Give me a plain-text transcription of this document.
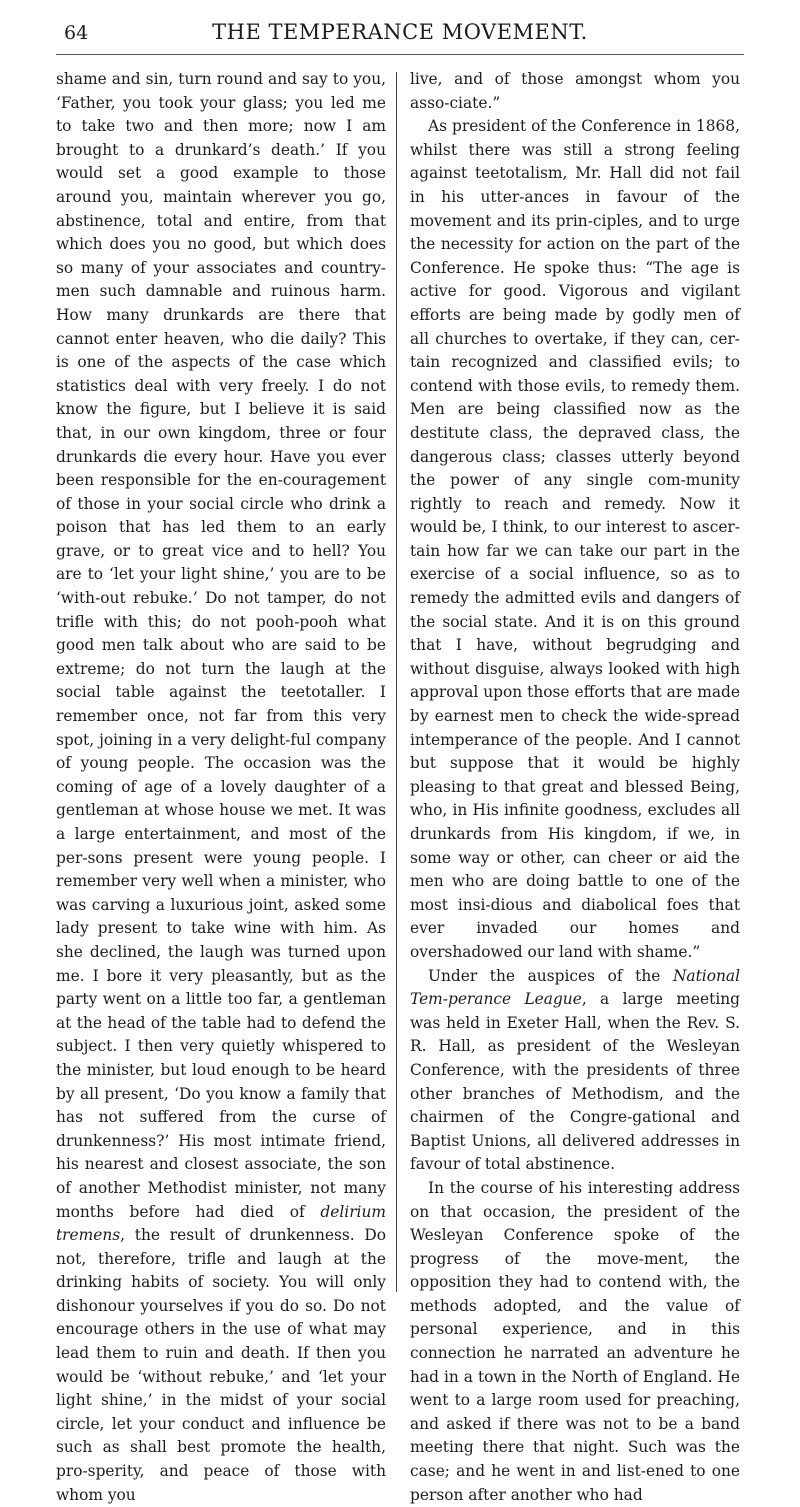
64	THE TEMPERANCE MOVEMENT.

shame and sin, turn round and say to you, ‘Father, you took your glass; you led me to take two and then more; now I am brought to a drunkard’s death.’ If you would set a good example to those around you, maintain wherever you go, abstinence, total and entire, from that which does you no good, but which does so many of your associates and country-men such damnable and ruinous harm. How many drunkards are there that cannot enter heaven, who die daily? This is one of the aspects of the case which statistics deal with very freely. I do not know the figure, but I believe it is said that, in our own kingdom, three or four drunkards die every hour. Have you ever been responsible for the en-couragement of those in your social circle who drink a poison that has led them to an early grave, or to great vice and to hell? You are to ‘let your light shine,’ you are to be ‘with-out rebuke.’ Do not tamper, do not trifle with this; do not pooh-pooh what good men talk about who are said to be extreme; do not turn the laugh at the social table against the teetotaller. I remember once, not far from this very spot, joining in a very delight-ful company of young people. The occasion was the coming of age of a lovely daughter of a gentleman at whose house we met. It was a large entertainment, and most of the per-sons present were young people. I remember very well when a minister, who was carving a luxurious joint, asked some lady present to take wine with him. As she declined, the laugh was turned upon me. I bore it very pleasantly, but as the party went on a little too far, a gentleman at the head of the table had to defend the subject. I then very quietly whispered to the minister, but loud enough to be heard by all present, ‘Do you know a family that has not suffered from the curse of drunkenness?’ His most intimate friend, his nearest and closest associate, the son of another Methodist minister, not many months before had died of delirium tremens, the result of drunkenness. Do not, therefore, trifle and laugh at the drinking habits of society. You will only dishonour yourselves if you do so. Do not encourage others in the use of what may lead them to ruin and death. If then you would be ‘without rebuke,’ and ‘let your light shine,’ in the midst of your social circle, let your conduct and influence be such as shall best promote the health, pro-sperity, and peace of those with whom you

live, and of those amongst whom you asso-ciate.”

As president of the Conference in 1868, whilst there was still a strong feeling against teetotalism, Mr. Hall did not fail in his utter-ances in favour of the movement and its prin-ciples, and to urge the necessity for action on the part of the Conference. He spoke thus: “The age is active for good. Vigorous and vigilant efforts are being made by godly men of all churches to overtake, if they can, cer-tain recognized and classified evils; to contend with those evils, to remedy them. Men are being classified now as the destitute class, the depraved class, the dangerous class; classes utterly beyond the power of any single com-munity rightly to reach and remedy. Now it would be, I think, to our interest to ascer-tain how far we can take our part in the exercise of a social influence, so as to remedy the admitted evils and dangers of the social state. And it is on this ground that I have, without begrudging and without disguise, always looked with high approval upon those efforts that are made by earnest men to check the wide-spread intemperance of the people. And I cannot but suppose that it would be highly pleasing to that great and blessed Being, who, in His infinite goodness, excludes all drunkards from His kingdom, if we, in some way or other, can cheer or aid the men who are doing battle to one of the most insi-dious and diabolical foes that ever invaded our homes and overshadowed our land with shame.”

Under the auspices of the National Tem-perance League, a large meeting was held in Exeter Hall, when the Rev. S. R. Hall, as president of the Wesleyan Conference, with the presidents of three other branches of Methodism, and the chairmen of the Congre-gational and Baptist Unions, all delivered addresses in favour of total abstinence.

In the course of his interesting address on that occasion, the president of the Wesleyan Conference spoke of the progress of the move-ment, the opposition they had to contend with, the methods adopted, and the value of personal experience, and in this connection he narrated an adventure he had in a town in the North of England. He went to a large room used for preaching, and asked if there was not to be a band meeting there that night. Such was the case; and he went in and list-ened to one person after another who had
